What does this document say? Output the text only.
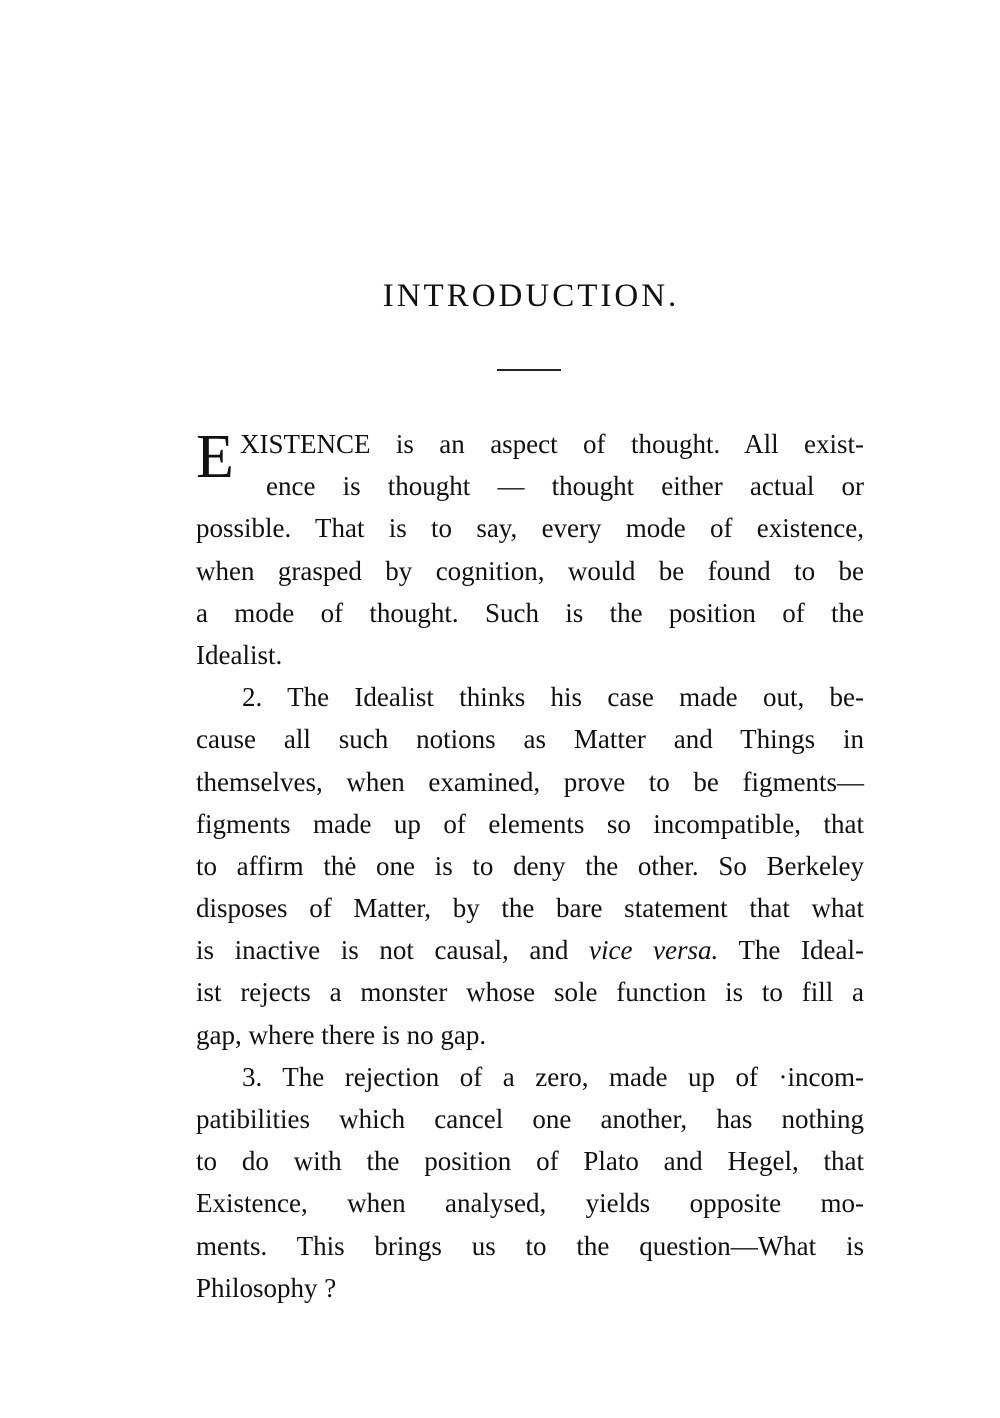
INTRODUCTION.
E XISTENCE is an aspect of thought. All exist-
ence is thought — thought either actual or
possible. That is to say, every mode of existence,
when grasped by cognition, would be found to be
a mode of thought. Such is the position of the
Idealist.
2. The Idealist thinks his case made out, be-
cause all such notions as Matter and Things in
themselves, when examined, prove to be figments—
figments made up of elements so incompatible, that
to affirm thė one is to deny the other. So Berkeley
disposes of Matter, by the bare statement that what
is inactive is not causal, and vice versa. The Ideal-
ist rejects a monster whose sole function is to fill a
gap, where there is no gap.
3. The rejection of a zero, made up of ·incom-
patibilities which cancel one another, has nothing
to do with the position of Plato and Hegel, that
Existence, when analysed, yields opposite mo-
ments. This brings us to the question—What is
Philosophy ?
